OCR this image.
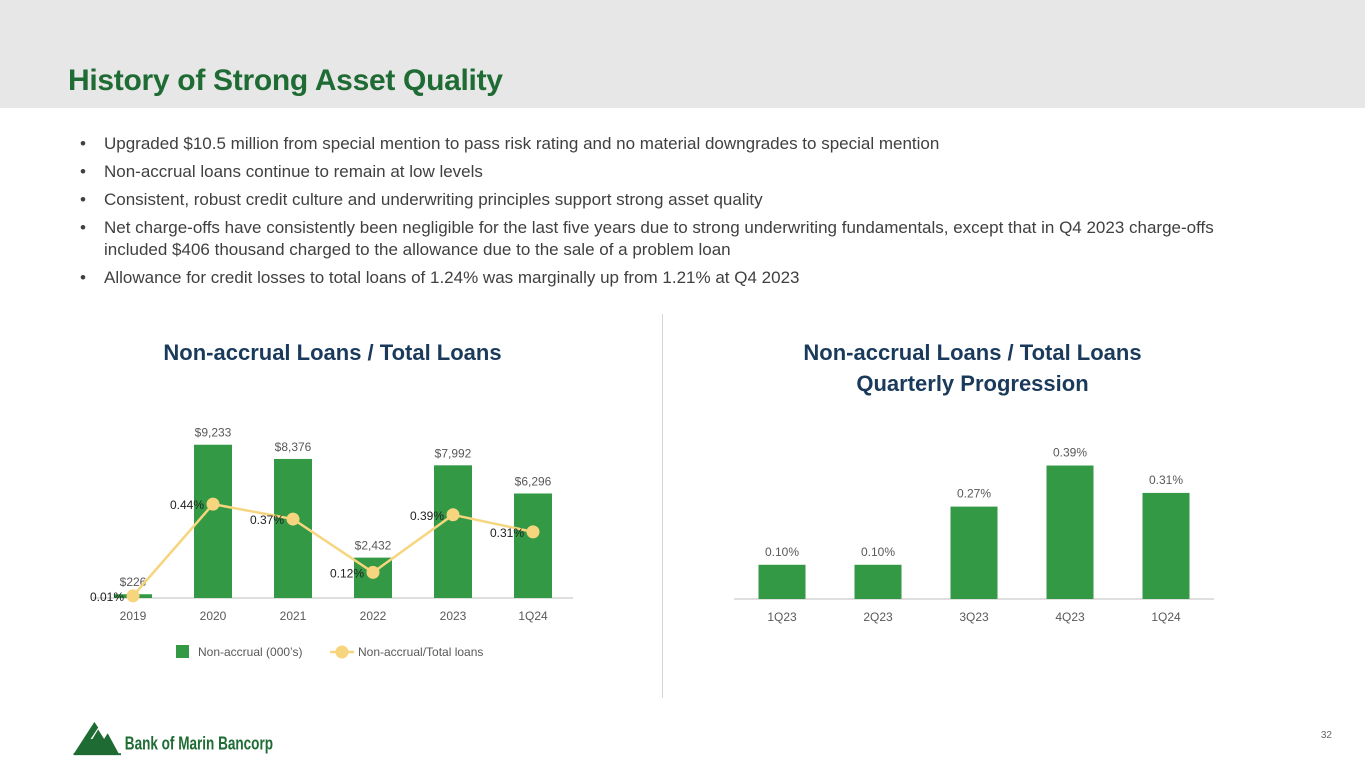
History of Strong Asset Quality
• Upgraded $10.5 million from special mention to pass risk rating and no material downgrades to special mention
• Non-accrual loans continue to remain at low levels
• Consistent, robust credit culture and underwriting principles support strong asset quality
• Net charge-offs have consistently been negligible for the last five years due to strong underwriting fundamentals, except that in Q4 2023 charge-offs included $406 thousand charged to the allowance due to the sale of a problem loan
• Allowance for credit losses to total loans of 1.24% was marginally up from 1.21% at Q4 2023
Non-accrual Loans / Total Loans	Non-accrual Loans / Total Loans
Quarterly Progression
$226
2019
$9,233
2020
$8,376
2021
$2,432
2022
$7,992
2023
$6,296
1Q24
0.01%
0.44%
0.37%
0.12%
0.39%
0.31%
Non-accrual (000’s)	Non-accrual/Total loans
0.10%
1Q23
0.10%
2Q23
0.27%
3Q23
0.39%
4Q23
0.31%
1Q24
Bank of Marin Bancorp	32
